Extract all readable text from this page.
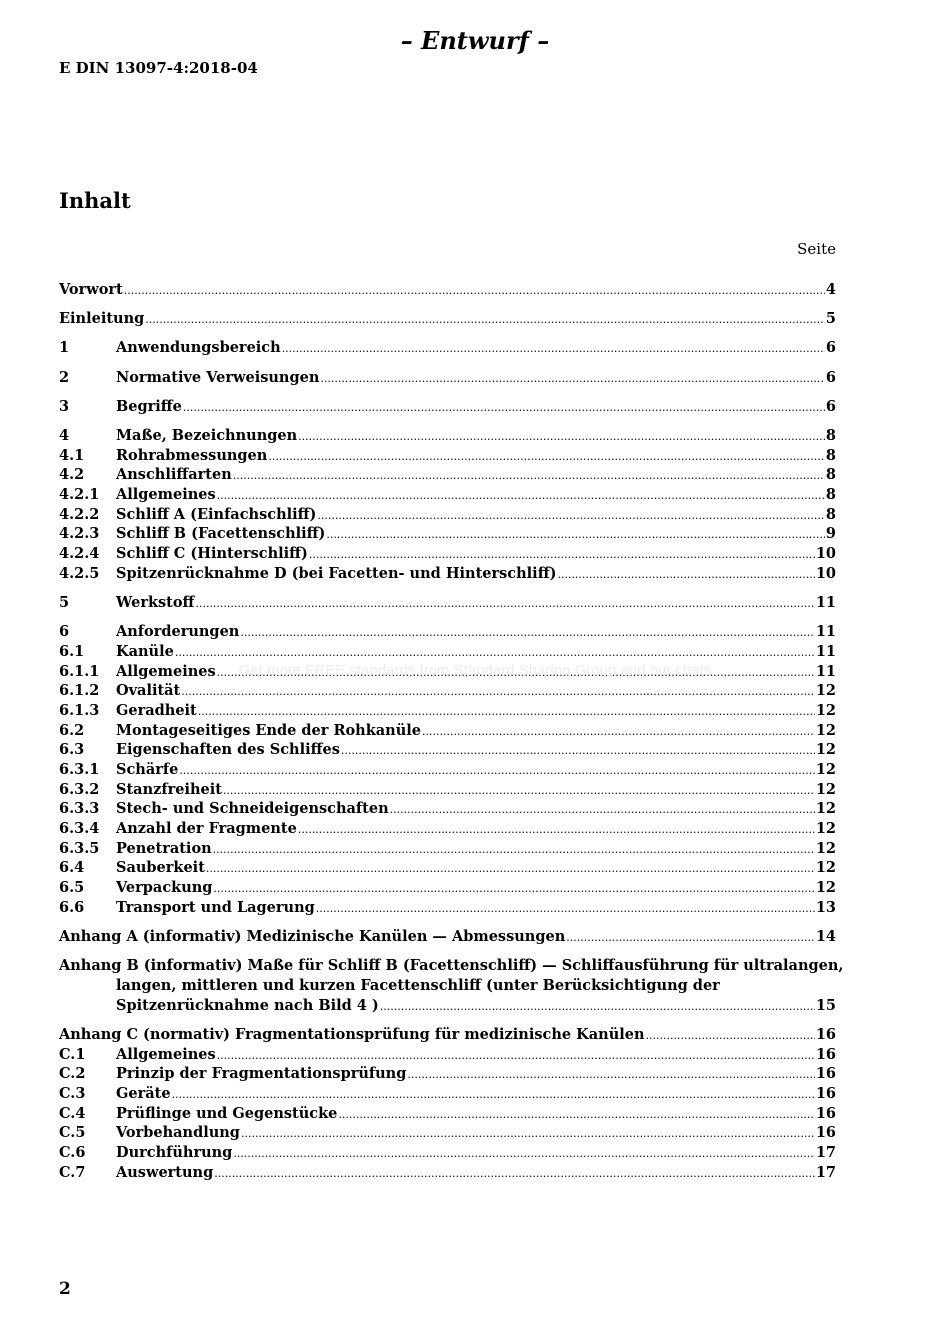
– Entwurf –
E DIN 13097-4:2018-04
Inhalt
Seite
Vorwort .....	4
Einleitung .....	5
1	Anwendungsbereich .....	6
2	Normative Verweisungen .....	6
3	Begriffe .....	6
4	Maße, Bezeichnungen .....	8
4.1	Rohrabmessungen .....	8
4.2	Anschliffarten .....	8
4.2.1	Allgemeines .....	8
4.2.2	Schliff A (Einfachschliff) .....	8
4.2.3	Schliff B (Facettenschliff) .....	9
4.2.4	Schliff C (Hinterschliff) .....	10
4.2.5	Spitzenrücknahme D (bei Facetten- und Hinterschliff) .....	10
5	Werkstoff .....	11
6	Anforderungen .....	11
6.1	Kanüle .....	11
6.1.1	Allgemeines .....	11
6.1.2	Ovalität .....	12
6.1.3	Geradheit .....	12
6.2	Montageseitiges Ende der Rohkanüle .....	12
6.3	Eigenschaften des Schliffes .....	12
6.3.1	Schärfe .....	12
6.3.2	Stanzfreiheit .....	12
6.3.3	Stech- und Schneideigenschaften .....	12
6.3.4	Anzahl der Fragmente .....	12
6.3.5	Penetration .....	12
6.4	Sauberkeit .....	12
6.5	Verpackung .....	12
6.6	Transport und Lagerung .....	13
Anhang A (informativ) Medizinische Kanülen — Abmessungen .....	14
Anhang B (informativ) Maße für Schliff B (Facettenschliff) — Schliffausführung für ultralangen,
langen, mittleren und kurzen Facettenschliff (unter Berücksichtigung der
Spitzenrücknahme nach Bild 4 ) .....	15
Anhang C (normativ) Fragmentationsprüfung für medizinische Kanülen .....	16
C.1	Allgemeines .....	16
C.2	Prinzip der Fragmentationsprüfung .....	16
C.3	Geräte .....	16
C.4	Prüflinge und Gegenstücke .....	16
C.5	Vorbehandlung .....	16
C.6	Durchführung .....	17
C.7	Auswertung .....	17
Get more FREE standards from Standard Sharing Group and our chats
2
